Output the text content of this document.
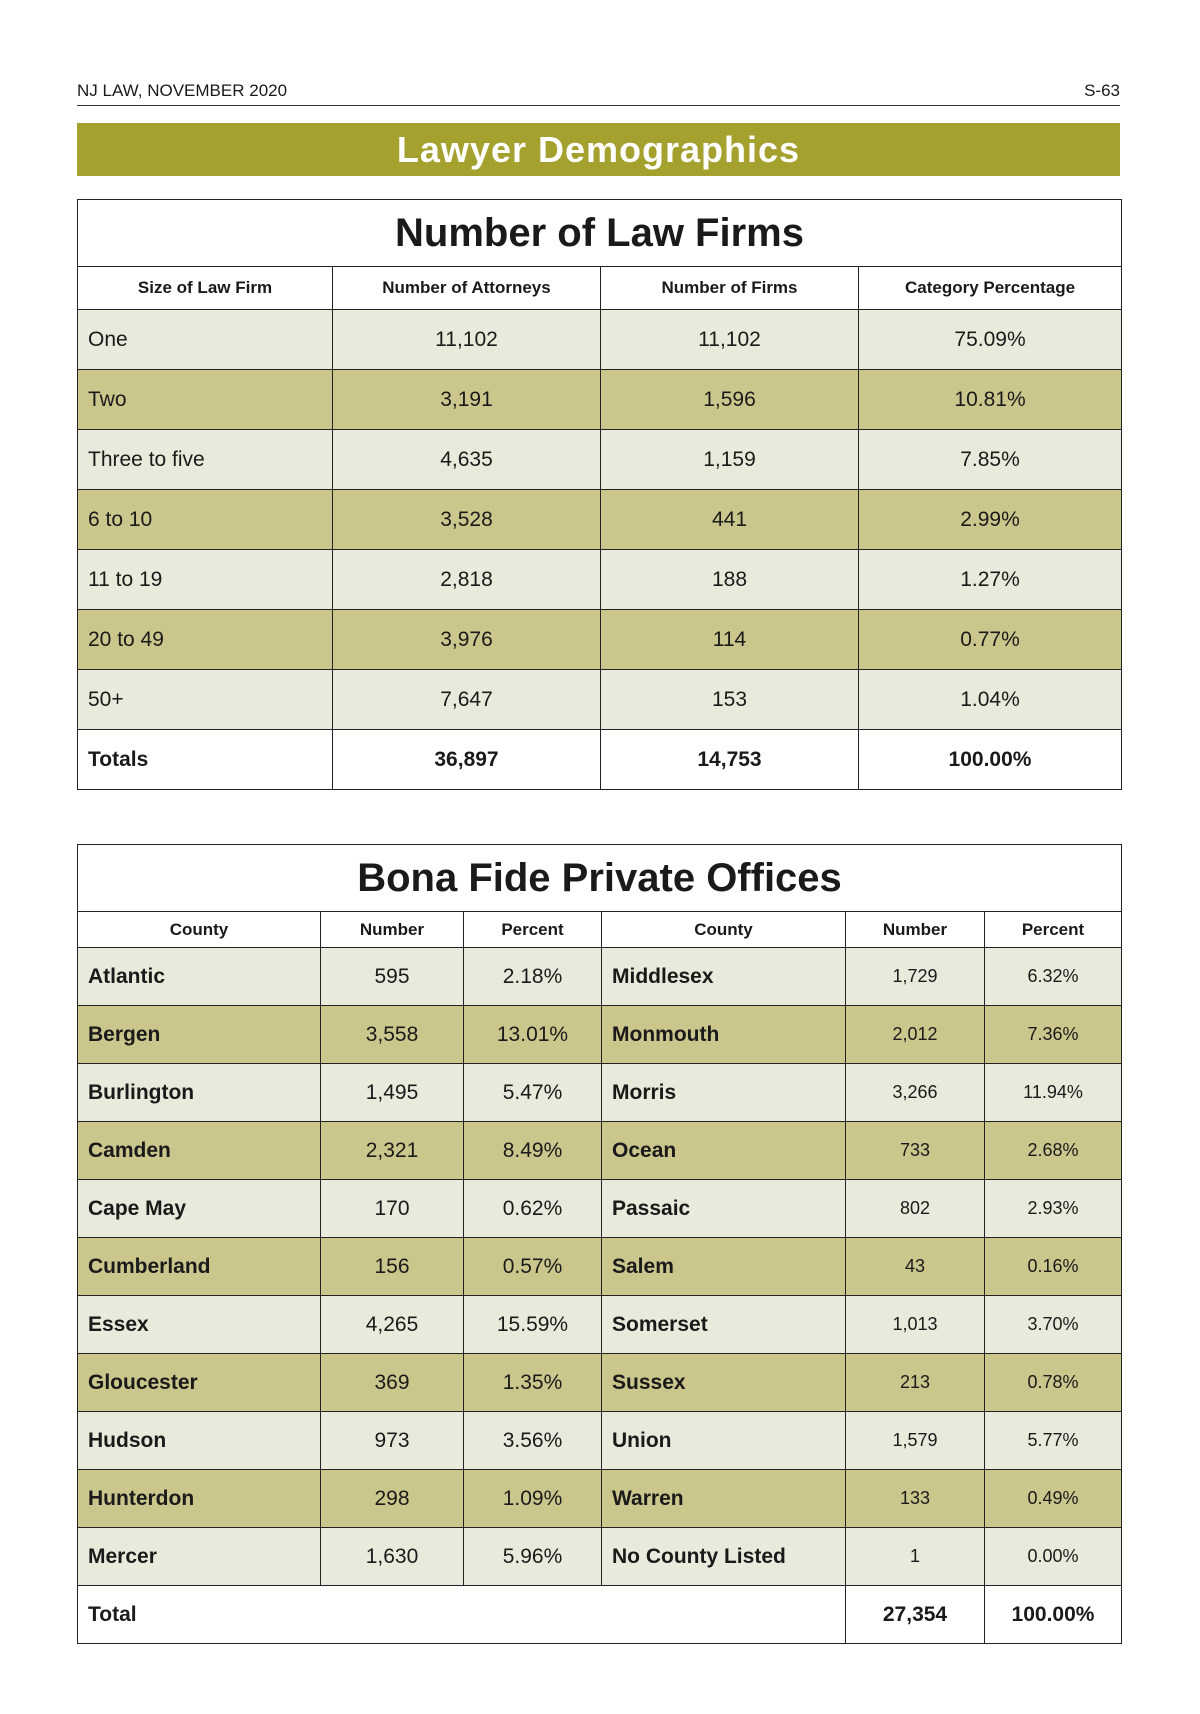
NJ LAW, NOVEMBER 2020	S-63
Lawyer Demographics
Number of Law Firms			
Size of Law Firm	Number of Attorneys	Number of Firms	Category Percentage
One	11,102	11,102	75.09%
Two	3,191	1,596	10.81%
Three to five	4,635	1,159	7.85%
6 to 10	3,528	441	2.99%
11 to 19	2,818	188	1.27%
20 to 49	3,976	114	0.77%
50+	7,647	153	1.04%
Totals	36,897	14,753	100.00%
Bona Fide Private Offices					
County	Number	Percent	County	Number	Percent
Atlantic	595	2.18%	Middlesex	1,729	6.32%
Bergen	3,558	13.01%	Monmouth	2,012	7.36%
Burlington	1,495	5.47%	Morris	3,266	11.94%
Camden	2,321	8.49%	Ocean	733	2.68%
Cape May	170	0.62%	Passaic	802	2.93%
Cumberland	156	0.57%	Salem	43	0.16%
Essex	4,265	15.59%	Somerset	1,013	3.70%
Gloucester	369	1.35%	Sussex	213	0.78%
Hudson	973	3.56%	Union	1,579	5.77%
Hunterdon	298	1.09%	Warren	133	0.49%
Mercer	1,630	5.96%	No County Listed	1	0.00%
Total				27,354	100.00%
